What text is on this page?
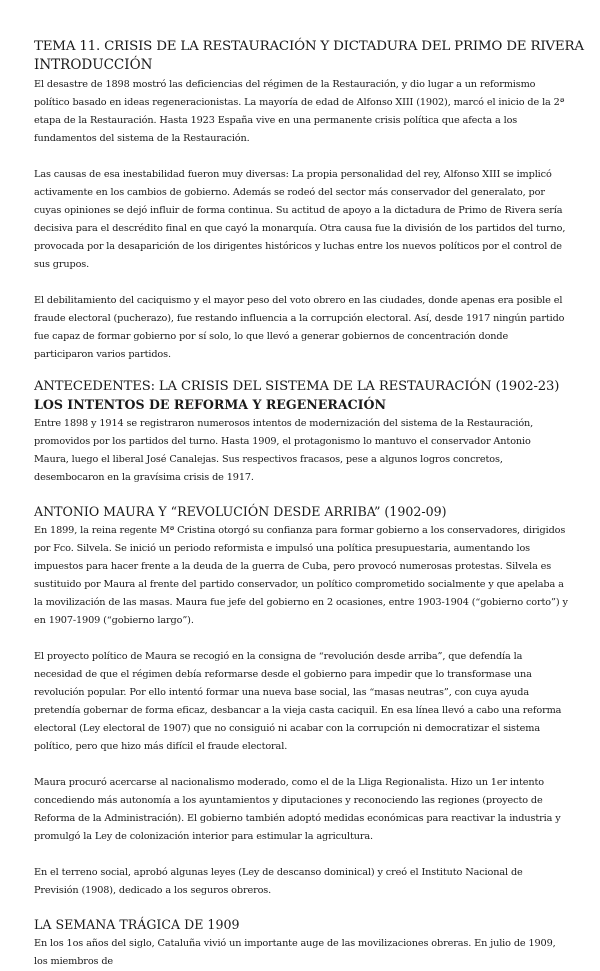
TEMA 11. CRISIS DE LA RESTAURACIÓN Y DICTADURA DEL PRIMO DE RIVERA
INTRODUCCIÓN

El desastre de 1898 mostró las deficiencias del régimen de la Restauración, y dio lugar a un reformismo político basado en ideas regeneracionistas. La mayoría de edad de Alfonso XIII (1902), marcó el inicio de la 2ª etapa de la Restauración. Hasta 1923 España vive en una permanente crisis política que afecta a los fundamentos del sistema de la Restauración.

Las causas de esa inestabilidad fueron muy diversas: La propia personalidad del rey, Alfonso XIII se implicó activamente en los cambios de gobierno. Además se rodeó del sector más conservador del generalato, por cuyas opiniones se dejó influir de forma continua. Su actitud de apoyo a la dictadura de Primo de Rivera sería decisiva para el descrédito final en que cayó la monarquía. Otra causa fue la división de los partidos del turno, provocada por la desaparición de los dirigentes históricos y luchas entre los nuevos políticos por el control de sus grupos.

El debilitamiento del caciquismo y el mayor peso del voto obrero en las ciudades, donde apenas era posible el fraude electoral (pucherazo), fue restando influencia a la corrupción electoral. Así, desde 1917 ningún partido fue capaz de formar gobierno por sí solo, lo que llevó a generar gobiernos de concentración donde participaron varios partidos.

ANTECEDENTES: LA CRISIS DEL SISTEMA DE LA RESTAURACIÓN (1902-23)
LOS INTENTOS DE REFORMA Y REGENERACIÓN

Entre 1898 y 1914 se registraron numerosos intentos de modernización del sistema de la Restauración, promovidos por los partidos del turno. Hasta 1909, el protagonismo lo mantuvo el conservador Antonio Maura, luego el liberal José Canalejas. Sus respectivos fracasos, pese a algunos logros concretos, desembocaron en la gravísima crisis de 1917.

ANTONIO MAURA Y “REVOLUCIÓN DESDE ARRIBA” (1902-09)

En 1899, la reina regente Mª Cristina otorgó su confianza para formar gobierno a los conservadores, dirigidos por Fco. Silvela. Se inició un periodo reformista e impulsó una política presupuestaria, aumentando los impuestos para hacer frente a la deuda de la guerra de Cuba, pero provocó numerosas protestas. Silvela es sustituido por Maura al frente del partido conservador, un político comprometido socialmente y que apelaba a la movilización de las masas. Maura fue jefe del gobierno en 2 ocasiones, entre 1903-1904 (“gobierno corto”) y en 1907-1909 (“gobierno largo”).

El proyecto político de Maura se recogió en la consigna de “revolución desde arriba”, que defendía la necesidad de que el régimen debía reformarse desde el gobierno para impedir que lo transformase una revolución popular. Por ello intentó formar una nueva base social, las “masas neutras”, con cuya ayuda pretendía gobernar de forma eficaz, desbancar a la vieja casta caciquil. En esa línea llevó a cabo una reforma electoral (Ley electoral de 1907) que no consiguió ni acabar con la corrupción ni democratizar el sistema político, pero que hizo más difícil el fraude electoral.

Maura procuró acercarse al nacionalismo moderado, como el de la Lliga Regionalista. Hizo un 1er intento concediendo más autonomía a los ayuntamientos y diputaciones y reconociendo las regiones (proyecto de Reforma de la Administración). El gobierno también adoptó medidas económicas para reactivar la industria y promulgó la Ley de colonización interior para estimular la agricultura.

En el terreno social, aprobó algunas leyes (Ley de descanso dominical) y creó el Instituto Nacional de Previsión (1908), dedicado a los seguros obreros.

LA SEMANA TRÁGICA DE 1909

En los 1os años del siglo, Cataluña vivió un importante auge de las movilizaciones obreras. En julio de 1909, los miembros de
